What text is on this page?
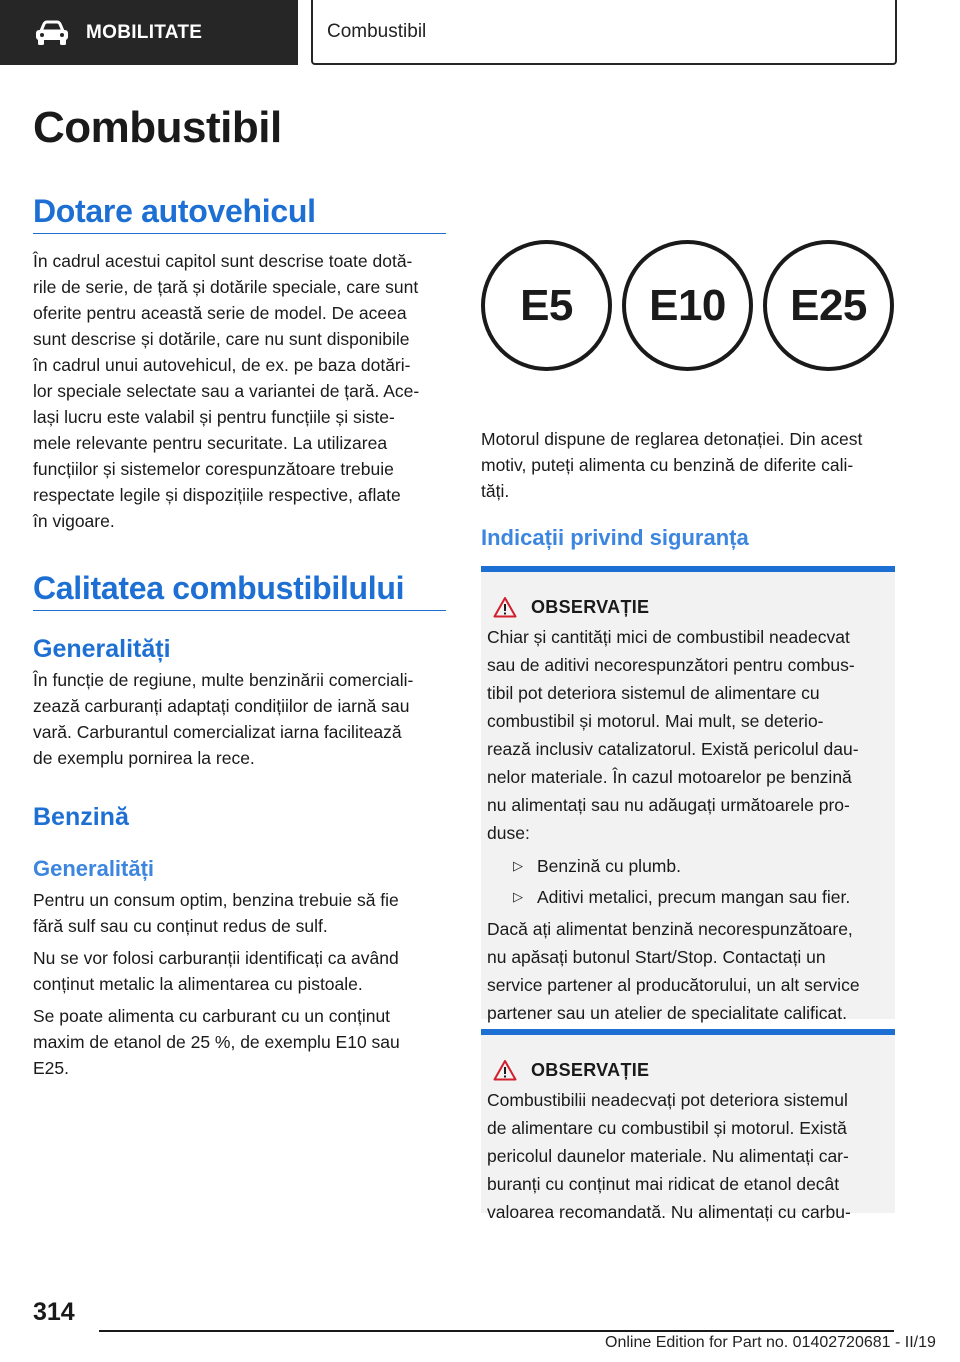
MOBILITATE	Combustibil
Combustibil
Dotare autovehicul

În cadrul acestui capitol sunt descrise toate dotă-

rile de serie, de țară și dotările speciale, care sunt

oferite pentru această serie de model. De aceea

sunt descrise și dotările, care nu sunt disponibile

în cadrul unui autovehicul, de ex. pe baza dotări-

lor speciale selectate sau a variantei de țară. Ace-

lași lucru este valabil și pentru funcțiile și siste-

mele relevante pentru securitate. La utilizarea

funcțiilor și sistemelor corespunzătoare trebuie

respectate legile și dispozițiile respective, aflate

în vigoare.

Calitatea combustibilului
Generalități

În funcție de regiune, multe benzinării comerciali-

zează carburanți adaptați condițiilor de iarnă sau

vară. Carburantul comercializat iarna facilitează

de exemplu pornirea la rece.

Benzină
Generalități

Pentru un consum optim, benzina trebuie să fie

fără sulf sau cu conținut redus de sulf.

Nu se vor folosi carburanții identificați ca având

conținut metalic la alimentarea cu pistoale.

Se poate alimenta cu carburant cu un conținut

maxim de etanol de 25 %, de exemplu E10 sau

E25.

E5 E10 E25

Motorul dispune de reglarea detonației. Din acest

motiv, puteți alimenta cu benzină de diferite cali-

tăți.

Indicații privind siguranța
OBSERVAȚIE

Chiar și cantități mici de combustibil neadecvat

sau de aditivi necorespunzători pentru combus-

tibil pot deteriora sistemul de alimentare cu

combustibil și motorul. Mai mult, se deterio-

rează inclusiv catalizatorul. Există pericolul dau-

nelor materiale. În cazul motoarelor pe benzină

nu alimentați sau nu adăugați următoarele pro-

duse:

▷ Benzină cu plumb.
▷ Aditivi metalici, precum mangan sau fier.

Dacă ați alimentat benzină necorespunzătoare,

nu apăsați butonul Start/Stop. Contactați un

service partener al producătorului, un alt service

partener sau un atelier de specialitate calificat.

OBSERVAȚIE

Combustibilii neadecvați pot deteriora sistemul

de alimentare cu combustibil și motorul. Există

pericolul daunelor materiale. Nu alimentați car-

buranți cu conținut mai ridicat de etanol decât

valoarea recomandată. Nu alimentați cu carbu-

314
Online Edition for Part no. 01402720681 - II/19
